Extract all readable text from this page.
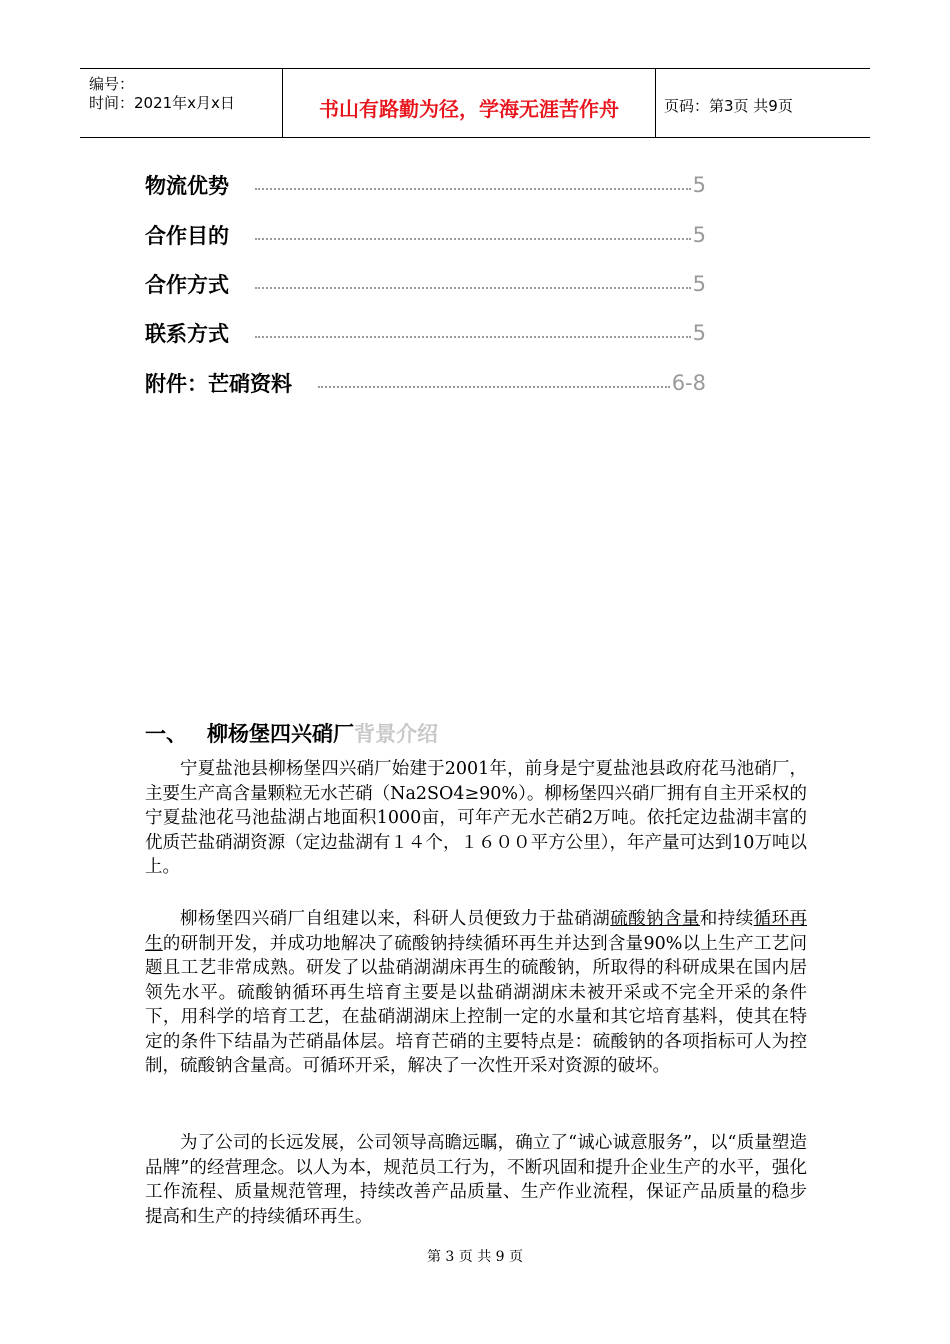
编号：
时间：2021年x月x日	书山有路勤为径，学海无涯苦作舟	页码：第3页 共9页
物流优势	5
合作目的	5
合作方式	5
联系方式	5
附件：芒硝资料	6-8
一、 柳杨堡四兴硝厂背景介绍
宁夏盐池县柳杨堡四兴硝厂始建于2001年，前身是宁夏盐池县政府花马池硝厂，主要生产高含量颗粒无水芒硝（Na2SO4≥90%）。柳杨堡四兴硝厂拥有自主开采权的宁夏盐池花马池盐湖占地面积1000亩，可年产无水芒硝2万吨。依托定边盐湖丰富的优质芒盐硝湖资源（定边盐湖有１４个，１６００平方公里），年产量可达到10万吨以上。
柳杨堡四兴硝厂自组建以来，科研人员便致力于盐硝湖硫酸钠含量和持续循环再生的研制开发，并成功地解决了硫酸钠持续循环再生并达到含量90%以上生产工艺问题且工艺非常成熟。研发了以盐硝湖湖床再生的硫酸钠，所取得的科研成果在国内居领先水平。硫酸钠循环再生培育主要是以盐硝湖湖床未被开采或不完全开采的条件下，用科学的培育工艺，在盐硝湖湖床上控制一定的水量和其它培育基料，使其在特定的条件下结晶为芒硝晶体层。培育芒硝的主要特点是：硫酸钠的各项指标可人为控制，硫酸钠含量高。可循环开采，解决了一次性开采对资源的破坏。
为了公司的长远发展，公司领导高瞻远瞩，确立了“诚心诚意服务”，以“质量塑造品牌”的经营理念。以人为本，规范员工行为，不断巩固和提升企业生产的水平，强化工作流程、质量规范管理，持续改善产品质量、生产作业流程，保证产品质量的稳步提高和生产的持续循环再生。
第 3 页 共 9 页
